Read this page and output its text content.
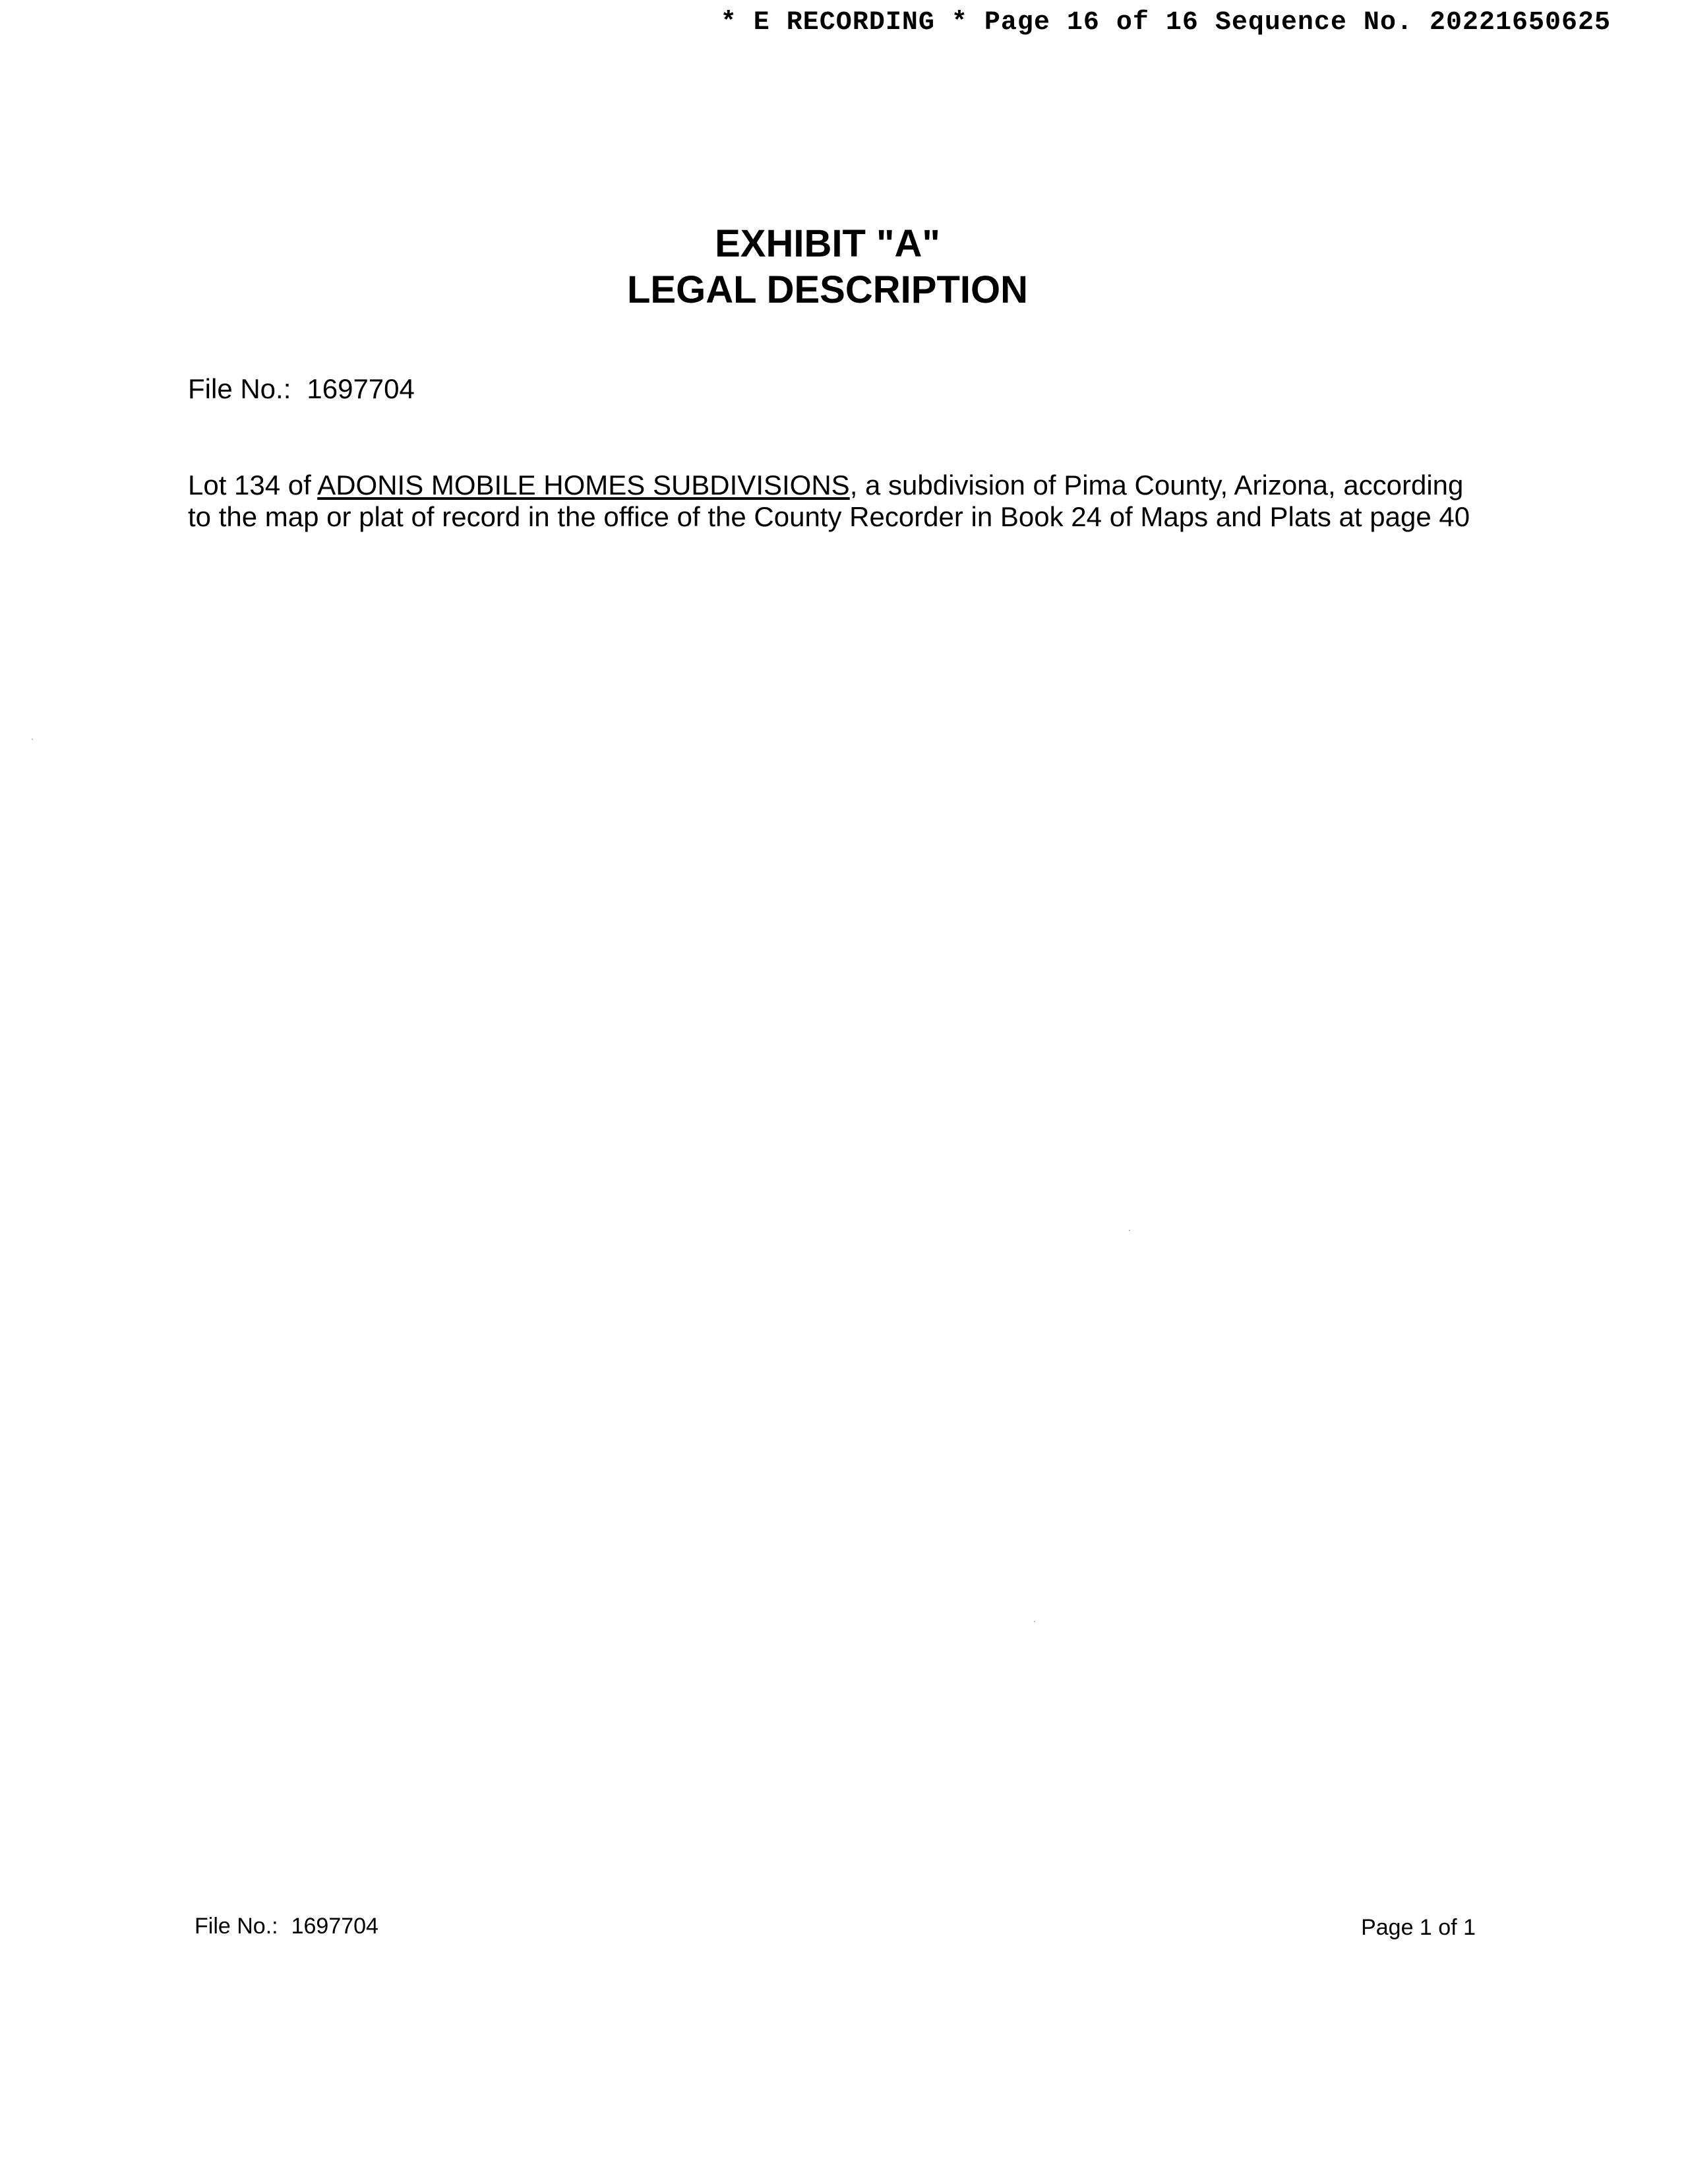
* E RECORDING * Page 16 of 16 Sequence No. 20221650625
EXHIBIT "A"
LEGAL DESCRIPTION
File No.: 1697704
Lot 134 of ADONIS MOBILE HOMES SUBDIVISIONS, a subdivision of Pima County, Arizona, according
to the map or plat of record in the office of the County Recorder in Book 24 of Maps and Plats at page 40
File No.: 1697704	Page 1 of 1
